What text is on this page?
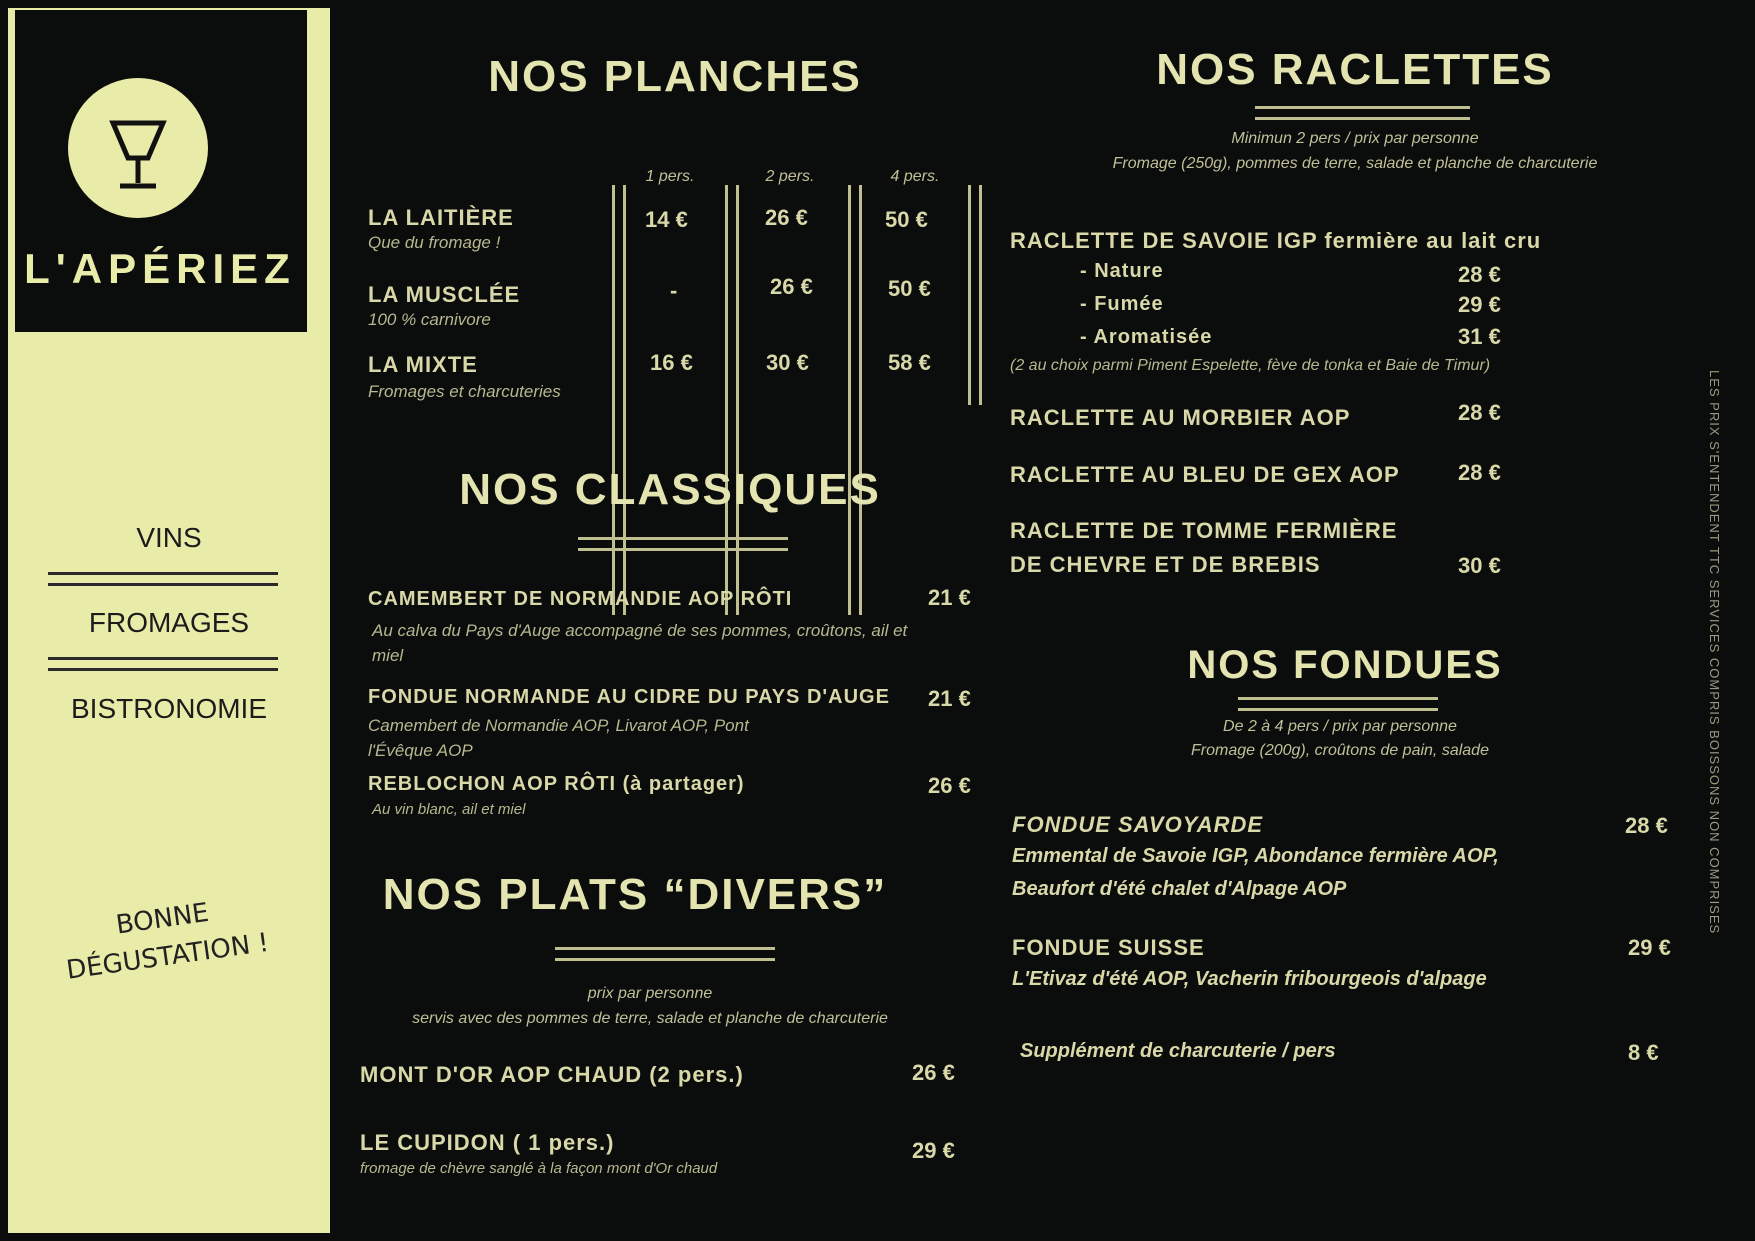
L'APÉRIEZ
VINS
FROMAGES
BISTRONOMIE
BONNE
DÉGUSTATION !
NOS PLANCHES
1 pers.	2 pers.	4 pers.
LA LAITIÈRE
Que du fromage !
14 €	26 €	50 €
LA MUSCLÉE
100 % carnivore
-	26 €	50 €
LA MIXTE
Fromages et charcuteries
16 €	30 €	58 €
NOS CLASSIQUES
CAMEMBERT DE NORMANDIE AOP RÔTI
Au calva du Pays d'Auge accompagné de ses pommes, croûtons, ail et miel
21 €
FONDUE NORMANDE AU CIDRE DU PAYS D'AUGE
Camembert de Normandie AOP, Livarot AOP, Pont l'Évêque AOP
21 €
REBLOCHON AOP RÔTI (à partager)
Au vin blanc, ail et miel
26 €
NOS PLATS “DIVERS”
prix par personne
servis avec des pommes de terre, salade et planche de charcuterie
MONT D'OR AOP CHAUD (2 pers.)	26 €
LE CUPIDON ( 1 pers.)
fromage de chèvre sanglé à la façon mont d'Or chaud
29 €
NOS RACLETTES
Minimun 2 pers / prix par personne
Fromage (250g), pommes de terre, salade et planche de charcuterie
RACLETTE DE SAVOIE IGP fermière au lait cru
- Nature	28 €
- Fumée	29 €
- Aromatisée	31 €
(2 au choix parmi Piment Espelette, fève de tonka et Baie de Timur)
RACLETTE AU MORBIER AOP	28 €
RACLETTE AU BLEU DE GEX AOP	28 €
RACLETTE DE TOMME FERMIÈRE
DE CHEVRE ET DE BREBIS	30 €
NOS FONDUES
De 2 à 4 pers / prix par personne
Fromage (200g), croûtons de pain, salade
FONDUE SAVOYARDE
Emmental de Savoie IGP, Abondance fermière AOP,
Beaufort d'été chalet d'Alpage AOP
28 €
FONDUE SUISSE
L'Etivaz d'été AOP, Vacherin fribourgeois d'alpage
29 €
Supplément de charcuterie / pers	8 €
LES PRIX S'ENTENDENT TTC SERVICES COMPRIS BOISSONS NON COMPRISES
